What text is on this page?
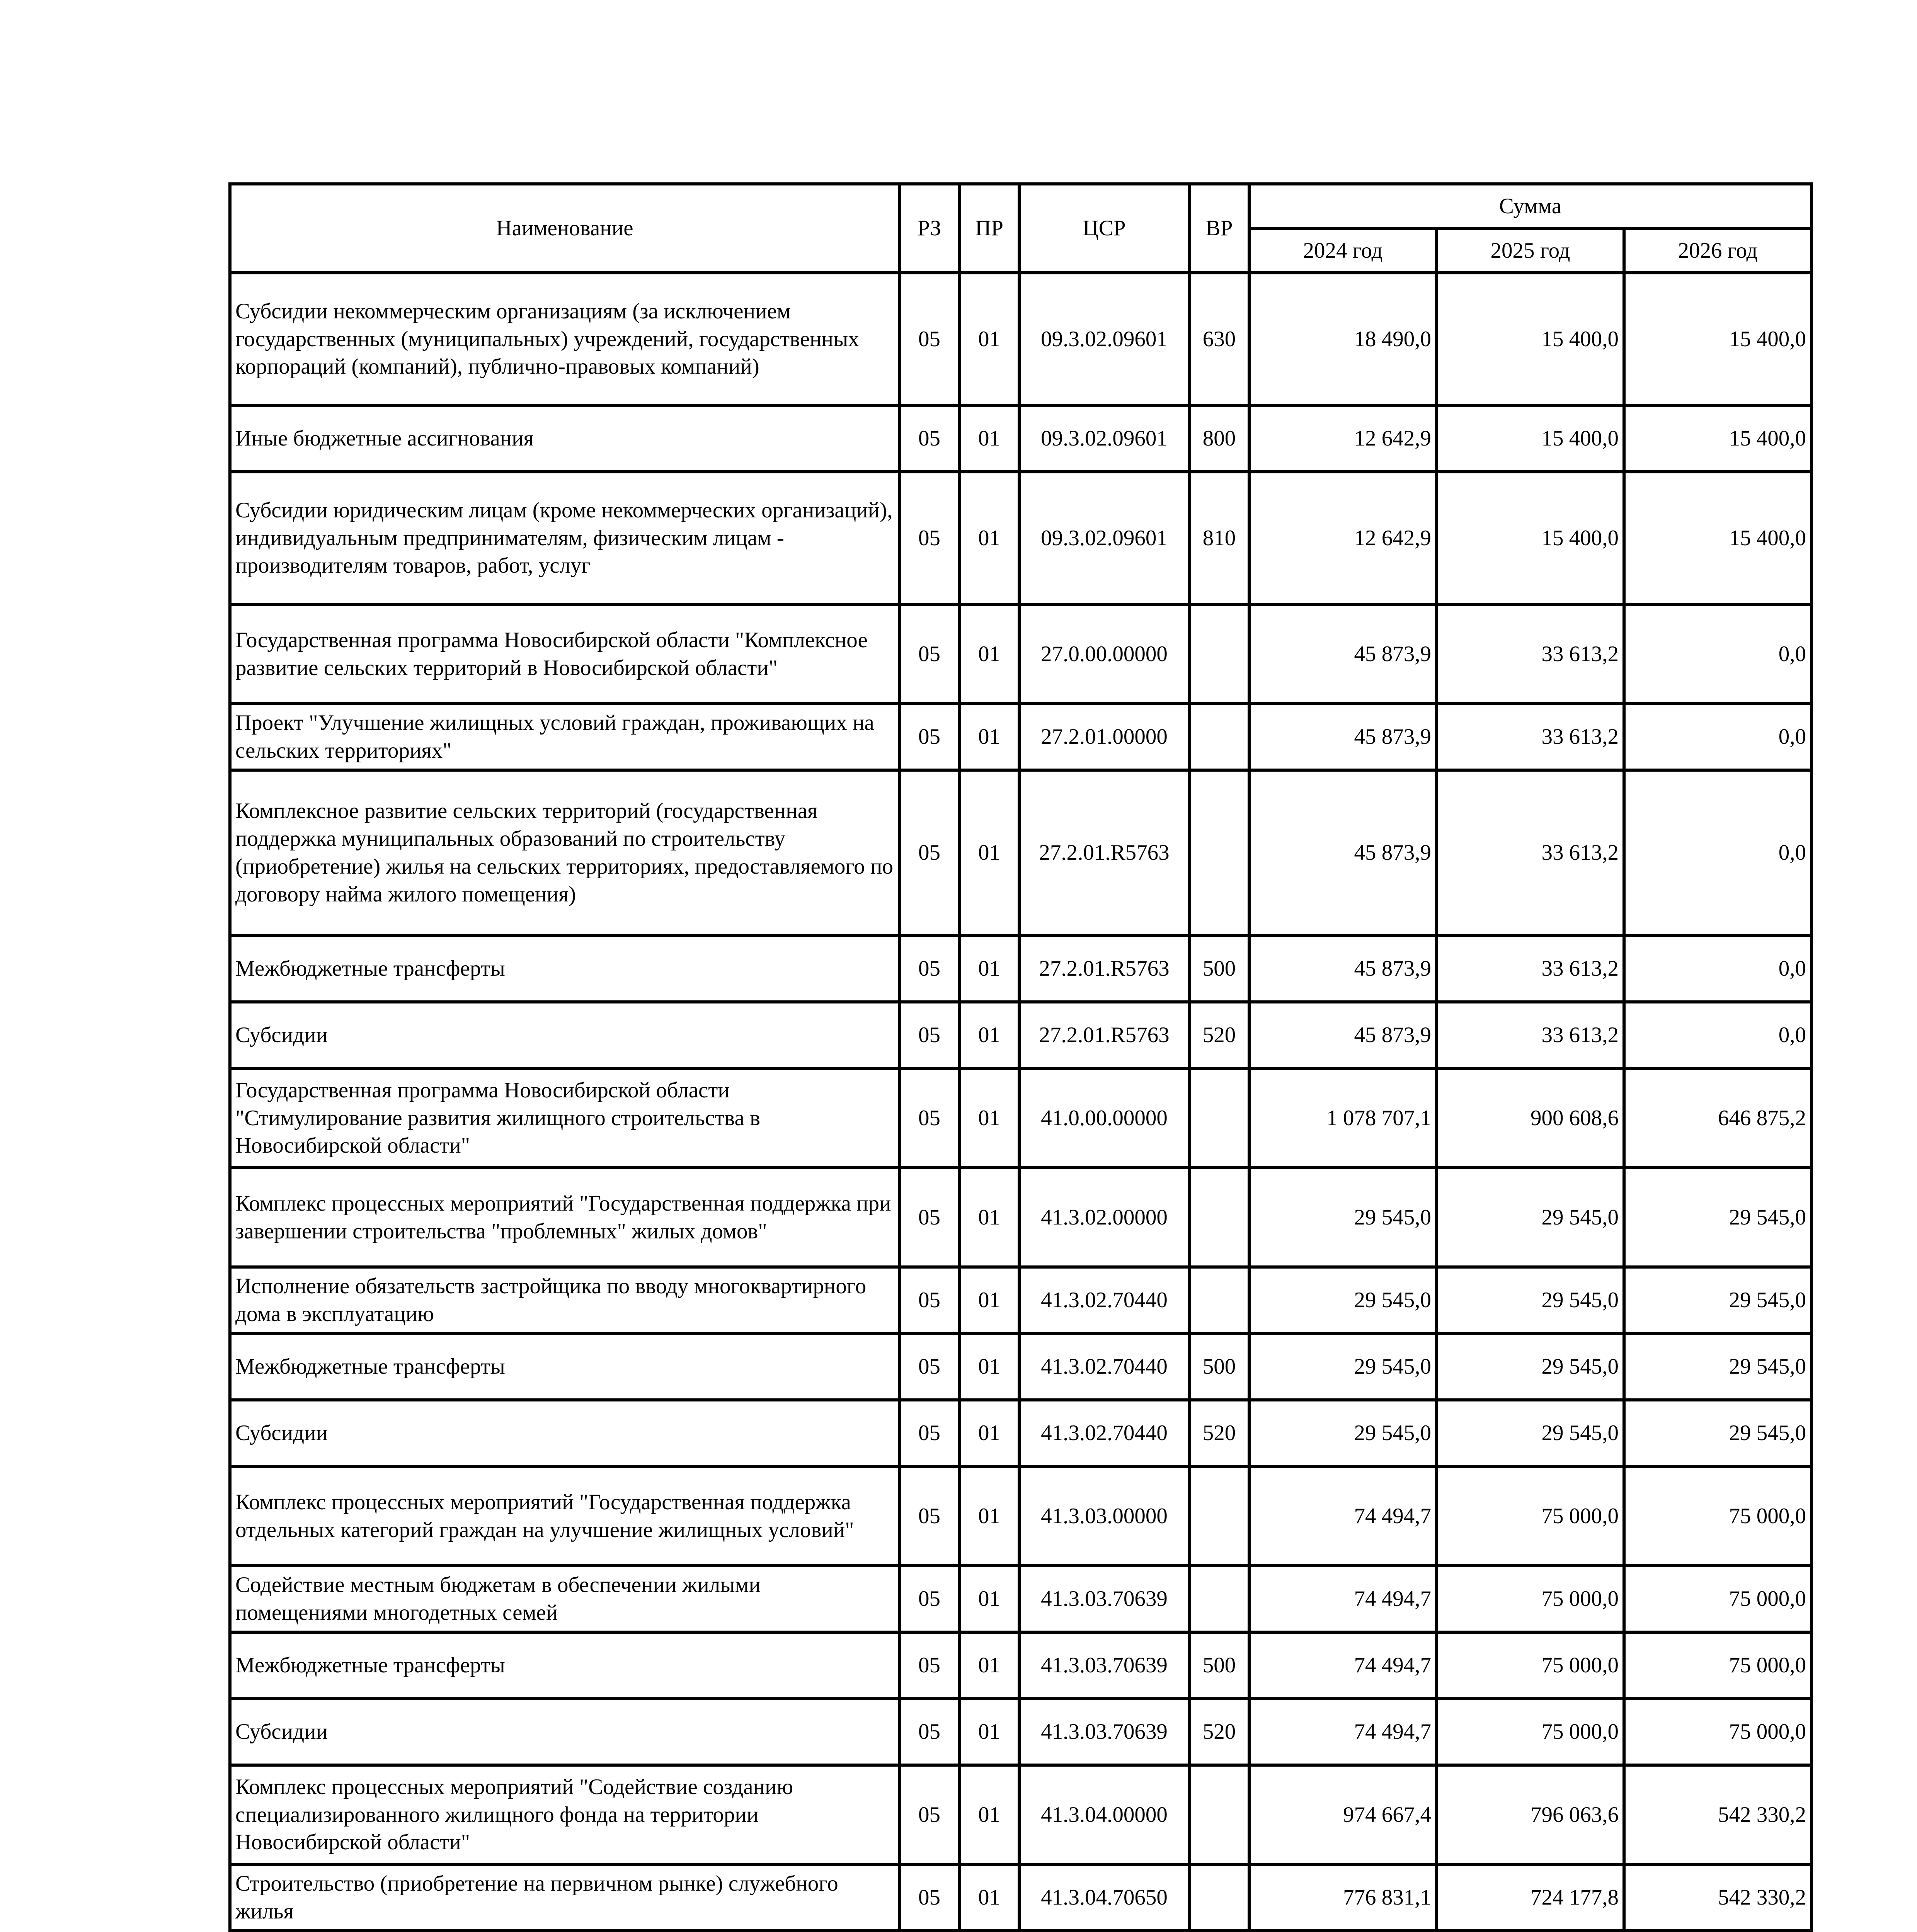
Наименование	РЗ	ПР	ЦСР	ВР	Сумма		
					2024 год	2025 год	2026 год
Субсидии некоммерческим организациям (за исключением государственных (муниципальных) учреждений, государственных корпораций (компаний), публично-правовых компаний)	05	01	09.3.02.09601	630	18 490,0	15 400,0	15 400,0
Иные бюджетные ассигнования	05	01	09.3.02.09601	800	12 642,9	15 400,0	15 400,0
Субсидии юридическим лицам (кроме некоммерческих организаций), индивидуальным предпринимателям, физическим лицам - производителям товаров, работ, услуг	05	01	09.3.02.09601	810	12 642,9	15 400,0	15 400,0
Государственная программа Новосибирской области "Комплексное развитие сельских территорий в Новосибирской области"	05	01	27.0.00.00000		45 873,9	33 613,2	0,0
Проект "Улучшение жилищных условий граждан, проживающих на сельских территориях"	05	01	27.2.01.00000		45 873,9	33 613,2	0,0
Комплексное развитие сельских территорий (государственная поддержка муниципальных образований по строительству (приобретение) жилья на сельских территориях, предоставляемого по договору найма жилого помещения)	05	01	27.2.01.R5763		45 873,9	33 613,2	0,0
Межбюджетные трансферты	05	01	27.2.01.R5763	500	45 873,9	33 613,2	0,0
Субсидии	05	01	27.2.01.R5763	520	45 873,9	33 613,2	0,0
Государственная программа Новосибирской области "Стимулирование развития жилищного строительства в Новосибирской области"	05	01	41.0.00.00000		1 078 707,1	900 608,6	646 875,2
Комплекс процессных мероприятий "Государственная поддержка при завершении строительства "проблемных" жилых домов"	05	01	41.3.02.00000		29 545,0	29 545,0	29 545,0
Исполнение обязательств застройщика по вводу многоквартирного дома в эксплуатацию	05	01	41.3.02.70440		29 545,0	29 545,0	29 545,0
Межбюджетные трансферты	05	01	41.3.02.70440	500	29 545,0	29 545,0	29 545,0
Субсидии	05	01	41.3.02.70440	520	29 545,0	29 545,0	29 545,0
Комплекс процессных мероприятий "Государственная поддержка отдельных категорий граждан на улучшение жилищных условий"	05	01	41.3.03.00000		74 494,7	75 000,0	75 000,0
Содействие местным бюджетам в обеспечении жилыми помещениями многодетных семей	05	01	41.3.03.70639		74 494,7	75 000,0	75 000,0
Межбюджетные трансферты	05	01	41.3.03.70639	500	74 494,7	75 000,0	75 000,0
Субсидии	05	01	41.3.03.70639	520	74 494,7	75 000,0	75 000,0
Комплекс процессных мероприятий "Содействие созданию специализированного жилищного фонда на территории Новосибирской области"	05	01	41.3.04.00000		974 667,4	796 063,6	542 330,2
Строительство (приобретение на первичном рынке) служебного жилья	05	01	41.3.04.70650		776 831,1	724 177,8	542 330,2
